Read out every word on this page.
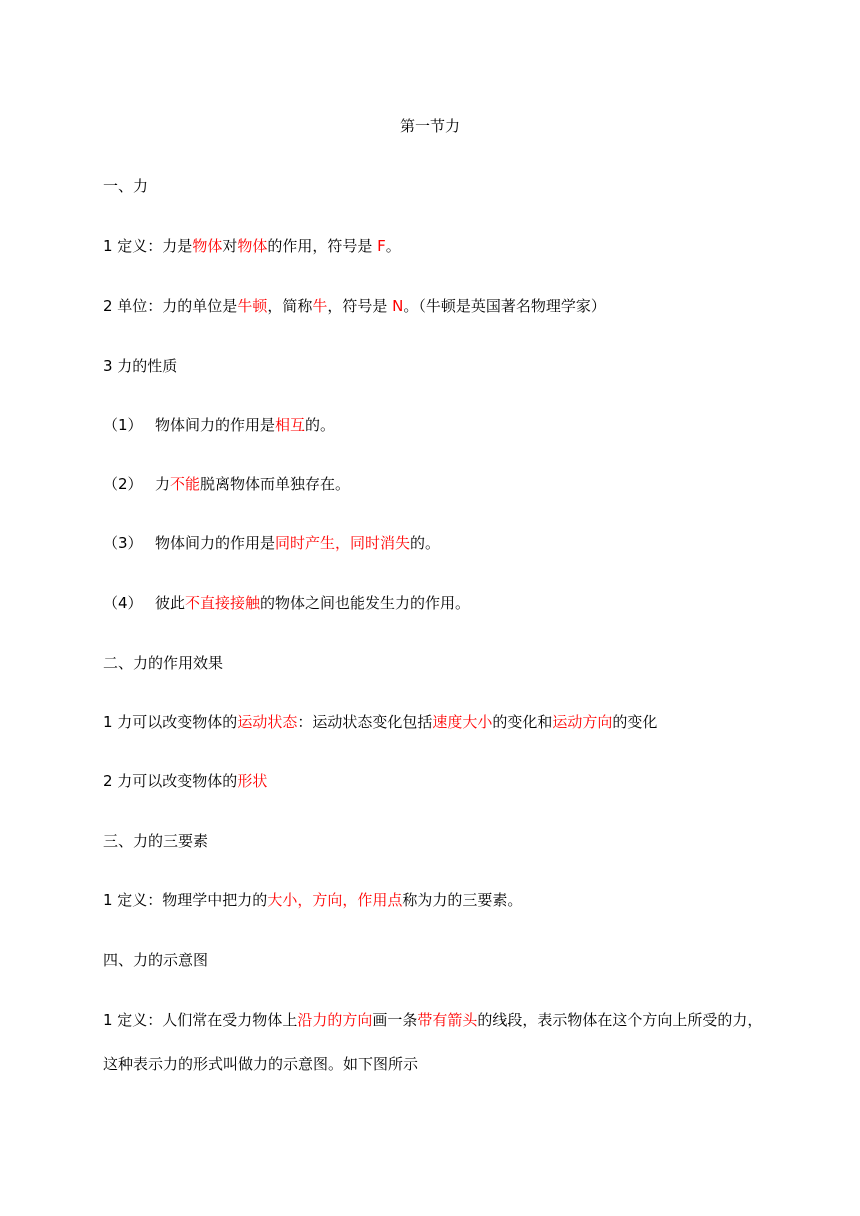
第一节力
一、力
1 定义：力是物体对物体的作用，符号是 F。
2 单位：力的单位是牛顿，简称牛，符号是 N。（牛顿是英国著名物理学家）
3 力的性质
（1） 物体间力的作用是相互的。
（2） 力不能脱离物体而单独存在。
（3） 物体间力的作用是同时产生，同时消失的。
（4） 彼此不直接接触的物体之间也能发生力的作用。
二、力的作用效果
1 力可以改变物体的运动状态：运动状态变化包括速度大小的变化和运动方向的变化
2 力可以改变物体的形状
三、力的三要素
1 定义：物理学中把力的大小，方向，作用点称为力的三要素。
四、力的示意图
1 定义：人们常在受力物体上沿力的方向画一条带有箭头的线段，表示物体在这个方向上所受的力，
这种表示力的形式叫做力的示意图。如下图所示
